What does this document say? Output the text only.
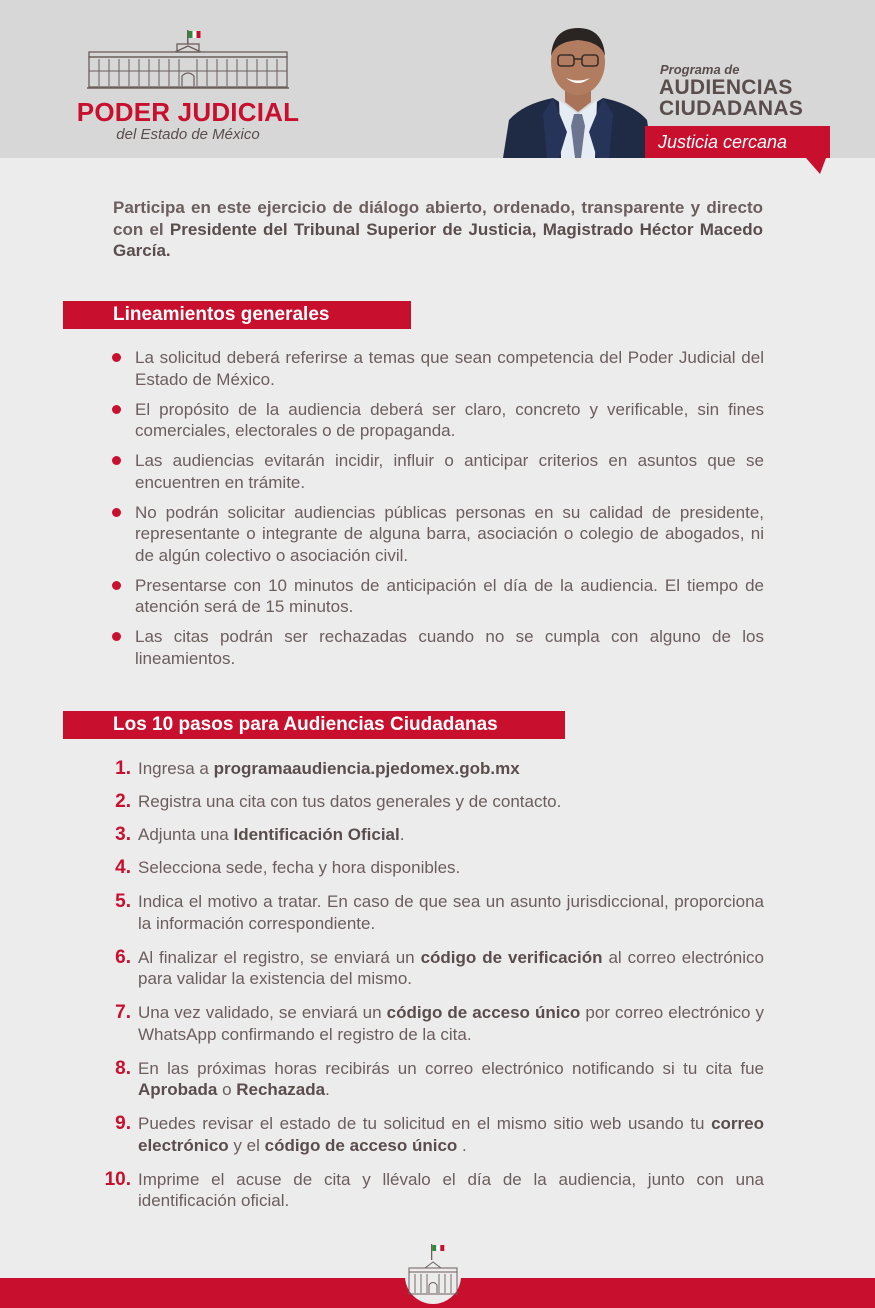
PODER JUDICIAL
del Estado de México
Programa de
AUDIENCIAS
CIUDADANAS
Justicia cercana

Participa en este ejercicio de diálogo abierto, ordenado, transparente y directo con el Presidente del Tribunal Superior de Justicia, Magistrado Héctor Macedo García.

Lineamientos generales
La solicitud deberá referirse a temas que sean competencia del Poder Judicial del Estado de México.
El propósito de la audiencia deberá ser claro, concreto y verificable, sin fines comerciales, electorales o de propaganda.
Las audiencias evitarán incidir, influir o anticipar criterios en asuntos que se encuentren en trámite.
No podrán solicitar audiencias públicas personas en su calidad de presidente, representante o integrante de alguna barra, asociación o colegio de abogados, ni de algún colectivo o asociación civil.
Presentarse con 10 minutos de anticipación el día de la audiencia. El tiempo de atención será de 15 minutos.
Las citas podrán ser rechazadas cuando no se cumpla con alguno de los lineamientos.
Los 10 pasos para Audiencias Ciudadanas
1. Ingresa a programaaudiencia.pjedomex.gob.mx
2. Registra una cita con tus datos generales y de contacto.
3. Adjunta una Identificación Oficial.
4. Selecciona sede, fecha y hora disponibles.
5. Indica el motivo a tratar. En caso de que sea un asunto jurisdiccional, proporciona la información correspondiente.
6. Al finalizar el registro, se enviará un código de verificación al correo electrónico para validar la existencia del mismo.
7. Una vez validado, se enviará un código de acceso único por correo electrónico y WhatsApp confirmando el registro de la cita.
8. En las próximas horas recibirás un correo electrónico notificando si tu cita fue Aprobada o Rechazada.
9. Puedes revisar el estado de tu solicitud en el mismo sitio web usando tu correo electrónico y el código de acceso único .
10. Imprime el acuse de cita y llévalo el día de la audiencia, junto con una identificación oficial.
